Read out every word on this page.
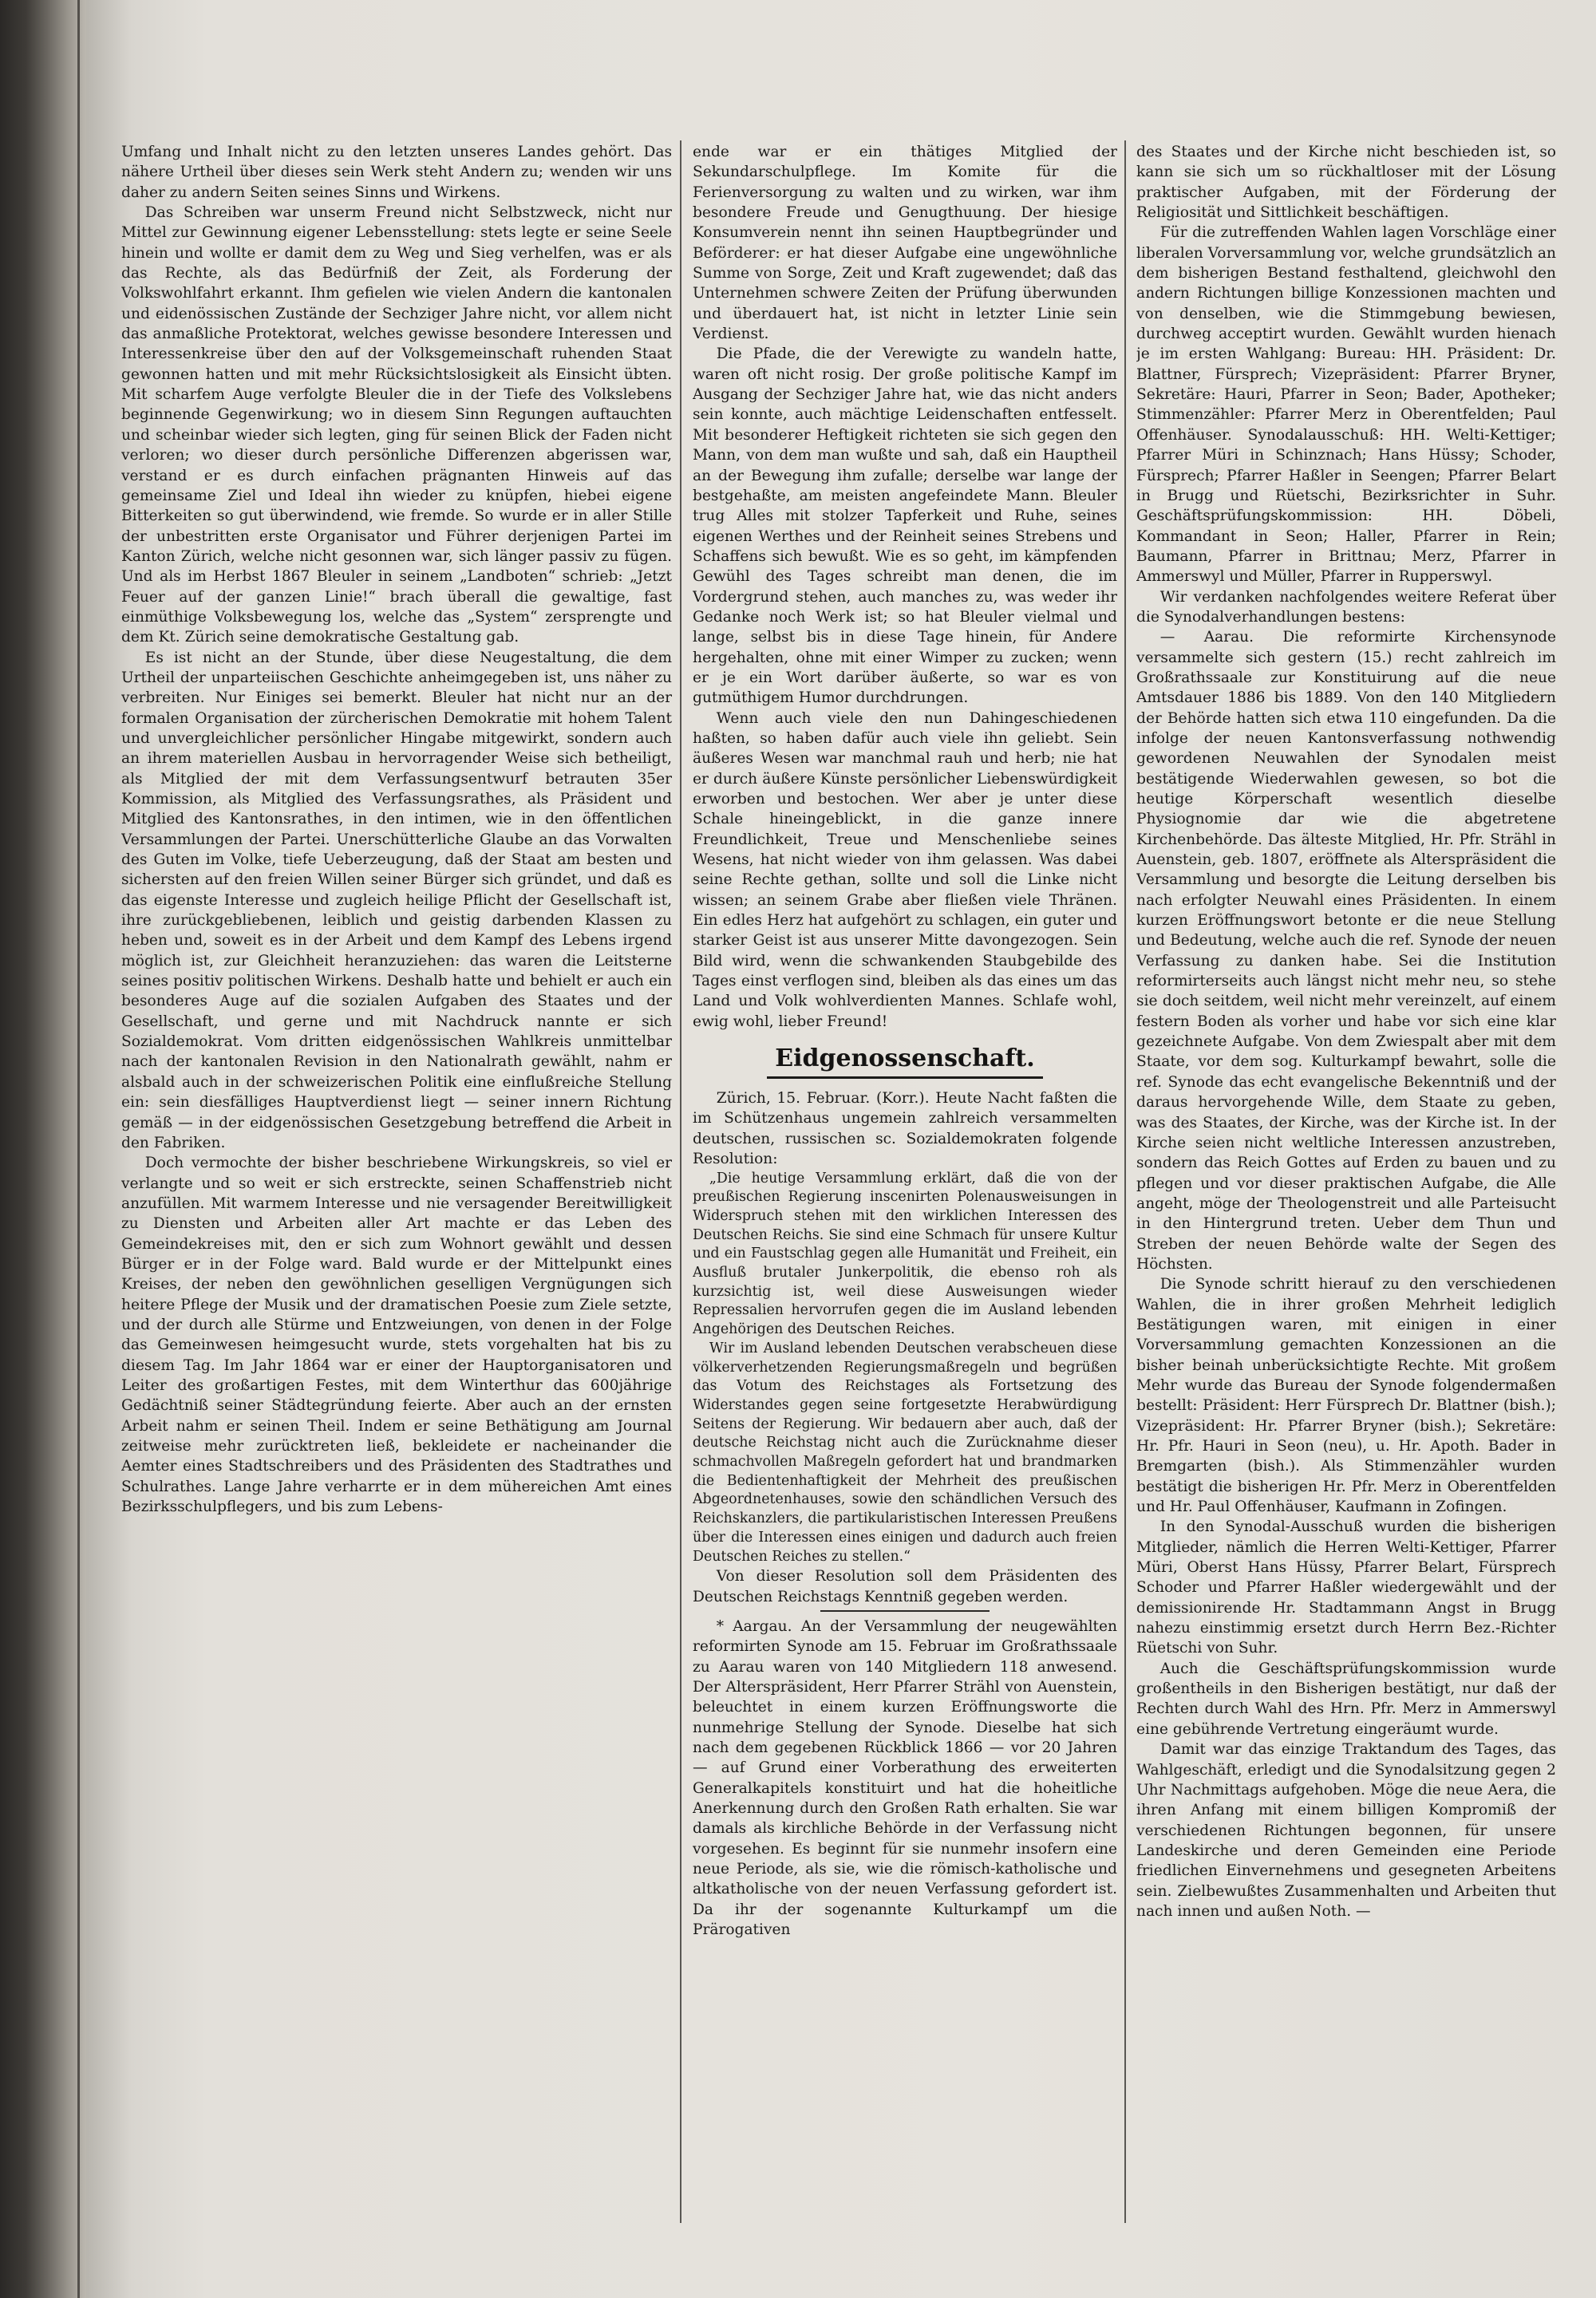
Umfang und Inhalt nicht zu den letzten unseres Landes gehört. Das nähere Urtheil über dieses sein Werk steht Andern zu; wenden wir uns daher zu andern Seiten seines Sinns und Wirkens.

Das Schreiben war unserm Freund nicht Selbstzweck, nicht nur Mittel zur Gewinnung eigener Lebensstellung: stets legte er seine Seele hinein und wollte er damit dem zu Weg und Sieg verhelfen, was er als das Rechte, als das Bedürfniß der Zeit, als Forderung der Volkswohlfahrt erkannt. Ihm gefielen wie vielen Andern die kantonalen und eidenössischen Zustände der Sechziger Jahre nicht, vor allem nicht das anmaßliche Protektorat, welches gewisse besondere Interessen und Interessenkreise über den auf der Volksgemeinschaft ruhenden Staat gewonnen hatten und mit mehr Rücksichtslosigkeit als Einsicht übten. Mit scharfem Auge verfolgte Bleuler die in der Tiefe des Volkslebens beginnende Gegenwirkung; wo in diesem Sinn Regungen auftauchten und scheinbar wieder sich legten, ging für seinen Blick der Faden nicht verloren; wo dieser durch persönliche Differenzen abgerissen war, verstand er es durch einfachen prägnanten Hinweis auf das gemeinsame Ziel und Ideal ihn wieder zu knüpfen, hiebei eigene Bitterkeiten so gut überwindend, wie fremde. So wurde er in aller Stille der unbestritten erste Organisator und Führer derjenigen Partei im Kanton Zürich, welche nicht gesonnen war, sich länger passiv zu fügen. Und als im Herbst 1867 Bleuler in seinem „Landboten“ schrieb: „Jetzt Feuer auf der ganzen Linie!“ brach überall die gewaltige, fast einmüthige Volksbewegung los, welche das „System“ zersprengte und dem Kt. Zürich seine demokratische Gestaltung gab.

Es ist nicht an der Stunde, über diese Neugestaltung, die dem Urtheil der unparteiischen Geschichte anheimgegeben ist, uns näher zu verbreiten. Nur Einiges sei bemerkt. Bleuler hat nicht nur an der formalen Organisation der zürcherischen Demokratie mit hohem Talent und unvergleichlicher persönlicher Hingabe mitgewirkt, sondern auch an ihrem materiellen Ausbau in hervorragender Weise sich betheiligt, als Mitglied der mit dem Verfassungsentwurf betrauten 35er Kommission, als Mitglied des Verfassungsrathes, als Präsident und Mitglied des Kantonsrathes, in den intimen, wie in den öffentlichen Versammlungen der Partei. Unerschütterliche Glaube an das Vorwalten des Guten im Volke, tiefe Ueberzeugung, daß der Staat am besten und sichersten auf den freien Willen seiner Bürger sich gründet, und daß es das eigenste Interesse und zugleich heilige Pflicht der Gesellschaft ist, ihre zurückgebliebenen, leiblich und geistig darbenden Klassen zu heben und, soweit es in der Arbeit und dem Kampf des Lebens irgend möglich ist, zur Gleichheit heranzuziehen: das waren die Leitsterne seines positiv politischen Wirkens. Deshalb hatte und behielt er auch ein besonderes Auge auf die sozialen Aufgaben des Staates und der Gesellschaft, und gerne und mit Nachdruck nannte er sich Sozialdemokrat. Vom dritten eidgenössischen Wahlkreis unmittelbar nach der kantonalen Revision in den Nationalrath gewählt, nahm er alsbald auch in der schweizerischen Politik eine einflußreiche Stellung ein: sein diesfälliges Hauptverdienst liegt — seiner innern Richtung gemäß — in der eidgenössischen Gesetzgebung betreffend die Arbeit in den Fabriken.

Doch vermochte der bisher beschriebene Wirkungskreis, so viel er verlangte und so weit er sich erstreckte, seinen Schaffenstrieb nicht anzufüllen. Mit warmem Interesse und nie versagender Bereitwilligkeit zu Diensten und Arbeiten aller Art machte er das Leben des Gemeindekreises mit, den er sich zum Wohnort gewählt und dessen Bürger er in der Folge ward. Bald wurde er der Mittelpunkt eines Kreises, der neben den gewöhnlichen geselligen Vergnügungen sich heitere Pflege der Musik und der dramatischen Poesie zum Ziele setzte, und der durch alle Stürme und Entzweiungen, von denen in der Folge das Gemeinwesen heimgesucht wurde, stets vorgehalten hat bis zu diesem Tag. Im Jahr 1864 war er einer der Hauptorganisatoren und Leiter des großartigen Festes, mit dem Winterthur das 600jährige Gedächtniß seiner Städtegründung feierte. Aber auch an der ernsten Arbeit nahm er seinen Theil. Indem er seine Bethätigung am Journal zeitweise mehr zurücktreten ließ, bekleidete er nacheinander die Aemter eines Stadtschreibers und des Präsidenten des Stadtrathes und Schulrathes. Lange Jahre verharrte er in dem mühereichen Amt eines Bezirksschulpflegers, und bis zum Lebens-

ende war er ein thätiges Mitglied der Sekundarschulpflege. Im Komite für die Ferienversorgung zu walten und zu wirken, war ihm besondere Freude und Genugthuung. Der hiesige Konsumverein nennt ihn seinen Hauptbegründer und Beförderer: er hat dieser Aufgabe eine ungewöhnliche Summe von Sorge, Zeit und Kraft zugewendet; daß das Unternehmen schwere Zeiten der Prüfung überwunden und überdauert hat, ist nicht in letzter Linie sein Verdienst.

Die Pfade, die der Verewigte zu wandeln hatte, waren oft nicht rosig. Der große politische Kampf im Ausgang der Sechziger Jahre hat, wie das nicht anders sein konnte, auch mächtige Leidenschaften entfesselt. Mit besonderer Heftigkeit richteten sie sich gegen den Mann, von dem man wußte und sah, daß ein Hauptheil an der Bewegung ihm zufalle; derselbe war lange der bestgehaßte, am meisten angefeindete Mann. Bleuler trug Alles mit stolzer Tapferkeit und Ruhe, seines eigenen Werthes und der Reinheit seines Strebens und Schaffens sich bewußt. Wie es so geht, im kämpfenden Gewühl des Tages schreibt man denen, die im Vordergrund stehen, auch manches zu, was weder ihr Gedanke noch Werk ist; so hat Bleuler vielmal und lange, selbst bis in diese Tage hinein, für Andere hergehalten, ohne mit einer Wimper zu zucken; wenn er je ein Wort darüber äußerte, so war es von gutmüthigem Humor durchdrungen.

Wenn auch viele den nun Dahingeschiedenen haßten, so haben dafür auch viele ihn geliebt. Sein äußeres Wesen war manchmal rauh und herb; nie hat er durch äußere Künste persönlicher Liebenswürdigkeit erworben und bestochen. Wer aber je unter diese Schale hineingeblickt, in die ganze innere Freundlichkeit, Treue und Menschenliebe seines Wesens, hat nicht wieder von ihm gelassen. Was dabei seine Rechte gethan, sollte und soll die Linke nicht wissen; an seinem Grabe aber fließen viele Thränen. Ein edles Herz hat aufgehört zu schlagen, ein guter und starker Geist ist aus unserer Mitte davongezogen. Sein Bild wird, wenn die schwankenden Staubgebilde des Tages einst verflogen sind, bleiben als das eines um das Land und Volk wohlverdienten Mannes. Schlafe wohl, ewig wohl, lieber Freund!

Eidgenossenschaft.

Zürich, 15. Februar. (Korr.). Heute Nacht faßten die im Schützenhaus ungemein zahlreich versammelten deutschen, russischen sc. Sozialdemokraten folgende Resolution:

„Die heutige Versammlung erklärt, daß die von der preußischen Regierung inscenirten Polenausweisungen in Widerspruch stehen mit den wirklichen Interessen des Deutschen Reichs. Sie sind eine Schmach für unsere Kultur und ein Faustschlag gegen alle Humanität und Freiheit, ein Ausfluß brutaler Junkerpolitik, die ebenso roh als kurzsichtig ist, weil diese Ausweisungen wieder Repressalien hervorrufen gegen die im Ausland lebenden Angehörigen des Deutschen Reiches.

Wir im Ausland lebenden Deutschen verabscheuen diese völkerverhetzenden Regierungsmaßregeln und begrüßen das Votum des Reichstages als Fortsetzung des Widerstandes gegen seine fortgesetzte Herabwürdigung Seitens der Regierung. Wir bedauern aber auch, daß der deutsche Reichstag nicht auch die Zurücknahme dieser schmachvollen Maßregeln gefordert hat und brandmarken die Bedientenhaftigkeit der Mehrheit des preußischen Abgeordnetenhauses, sowie den schändlichen Versuch des Reichskanzlers, die partikularistischen Interessen Preußens über die Interessen eines einigen und dadurch auch freien Deutschen Reiches zu stellen.“

Von dieser Resolution soll dem Präsidenten des Deutschen Reichstags Kenntniß gegeben werden.

* Aargau. An der Versammlung der neugewählten reformirten Synode am 15. Februar im Großrathssaale zu Aarau waren von 140 Mitgliedern 118 anwesend. Der Alterspräsident, Herr Pfarrer Strähl von Auenstein, beleuchtet in einem kurzen Eröffnungsworte die nunmehrige Stellung der Synode. Dieselbe hat sich nach dem gegebenen Rückblick 1866 — vor 20 Jahren — auf Grund einer Vorberathung des erweiterten Generalkapitels konstituirt und hat die hoheitliche Anerkennung durch den Großen Rath erhalten. Sie war damals als kirchliche Behörde in der Verfassung nicht vorgesehen. Es beginnt für sie nunmehr insofern eine neue Periode, als sie, wie die römisch-katholische und altkatholische von der neuen Verfassung gefordert ist. Da ihr der sogenannte Kulturkampf um die Prärogativen

des Staates und der Kirche nicht beschieden ist, so kann sie sich um so rückhaltloser mit der Lösung praktischer Aufgaben, mit der Förderung der Religiosität und Sittlichkeit beschäftigen.

Für die zutreffenden Wahlen lagen Vorschläge einer liberalen Vorversammlung vor, welche grundsätzlich an dem bisherigen Bestand festhaltend, gleichwohl den andern Richtungen billige Konzessionen machten und von denselben, wie die Stimmgebung bewiesen, durchweg acceptirt wurden. Gewählt wurden hienach je im ersten Wahlgang: Bureau: HH. Präsident: Dr. Blattner, Fürsprech; Vizepräsident: Pfarrer Bryner, Sekretäre: Hauri, Pfarrer in Seon; Bader, Apotheker; Stimmenzähler: Pfarrer Merz in Oberentfelden; Paul Offenhäuser. Synodalausschuß: HH. Welti-Kettiger; Pfarrer Müri in Schinznach; Hans Hüssy; Schoder, Fürsprech; Pfarrer Haßler in Seengen; Pfarrer Belart in Brugg und Rüetschi, Bezirksrichter in Suhr. Geschäftsprüfungskommission: HH. Döbeli, Kommandant in Seon; Haller, Pfarrer in Rein; Baumann, Pfarrer in Brittnau; Merz, Pfarrer in Ammerswyl und Müller, Pfarrer in Rupperswyl.

Wir verdanken nachfolgendes weitere Referat über die Synodalverhandlungen bestens:

— Aarau. Die reformirte Kirchensynode versammelte sich gestern (15.) recht zahlreich im Großrathssaale zur Konstituirung auf die neue Amtsdauer 1886 bis 1889. Von den 140 Mitgliedern der Behörde hatten sich etwa 110 eingefunden. Da die infolge der neuen Kantonsverfassung nothwendig gewordenen Neuwahlen der Synodalen meist bestätigende Wiederwahlen gewesen, so bot die heutige Körperschaft wesentlich dieselbe Physiognomie dar wie die abgetretene Kirchenbehörde. Das älteste Mitglied, Hr. Pfr. Strähl in Auenstein, geb. 1807, eröffnete als Alterspräsident die Versammlung und besorgte die Leitung derselben bis nach erfolgter Neuwahl eines Präsidenten. In einem kurzen Eröffnungswort betonte er die neue Stellung und Bedeutung, welche auch die ref. Synode der neuen Verfassung zu danken habe. Sei die Institution reformirterseits auch längst nicht mehr neu, so stehe sie doch seitdem, weil nicht mehr vereinzelt, auf einem festern Boden als vorher und habe vor sich eine klar gezeichnete Aufgabe. Von dem Zwiespalt aber mit dem Staate, vor dem sog. Kulturkampf bewahrt, solle die ref. Synode das echt evangelische Bekenntniß und der daraus hervorgehende Wille, dem Staate zu geben, was des Staates, der Kirche, was der Kirche ist. In der Kirche seien nicht weltliche Interessen anzustreben, sondern das Reich Gottes auf Erden zu bauen und zu pflegen und vor dieser praktischen Aufgabe, die Alle angeht, möge der Theologenstreit und alle Parteisucht in den Hintergrund treten. Ueber dem Thun und Streben der neuen Behörde walte der Segen des Höchsten.

Die Synode schritt hierauf zu den verschiedenen Wahlen, die in ihrer großen Mehrheit lediglich Bestätigungen waren, mit einigen in einer Vorversammlung gemachten Konzessionen an die bisher beinah unberücksichtigte Rechte. Mit großem Mehr wurde das Bureau der Synode folgendermaßen bestellt: Präsident: Herr Fürsprech Dr. Blattner (bish.); Vizepräsident: Hr. Pfarrer Bryner (bish.); Sekretäre: Hr. Pfr. Hauri in Seon (neu), u. Hr. Apoth. Bader in Bremgarten (bish.). Als Stimmenzähler wurden bestätigt die bisherigen Hr. Pfr. Merz in Oberentfelden und Hr. Paul Offenhäuser, Kaufmann in Zofingen.

In den Synodal-Ausschuß wurden die bisherigen Mitglieder, nämlich die Herren Welti-Kettiger, Pfarrer Müri, Oberst Hans Hüssy, Pfarrer Belart, Fürsprech Schoder und Pfarrer Haßler wiedergewählt und der demissionirende Hr. Stadtammann Angst in Brugg nahezu einstimmig ersetzt durch Herrn Bez.-Richter Rüetschi von Suhr.

Auch die Geschäftsprüfungskommission wurde großentheils in den Bisherigen bestätigt, nur daß der Rechten durch Wahl des Hrn. Pfr. Merz in Ammerswyl eine gebührende Vertretung eingeräumt wurde.

Damit war das einzige Traktandum des Tages, das Wahlgeschäft, erledigt und die Synodalsitzung gegen 2 Uhr Nachmittags aufgehoben. Möge die neue Aera, die ihren Anfang mit einem billigen Kompromiß der verschiedenen Richtungen begonnen, für unsere Landeskirche und deren Gemeinden eine Periode friedlichen Einvernehmens und gesegneten Arbeitens sein. Zielbewußtes Zusammenhalten und Arbeiten thut nach innen und außen Noth. —
